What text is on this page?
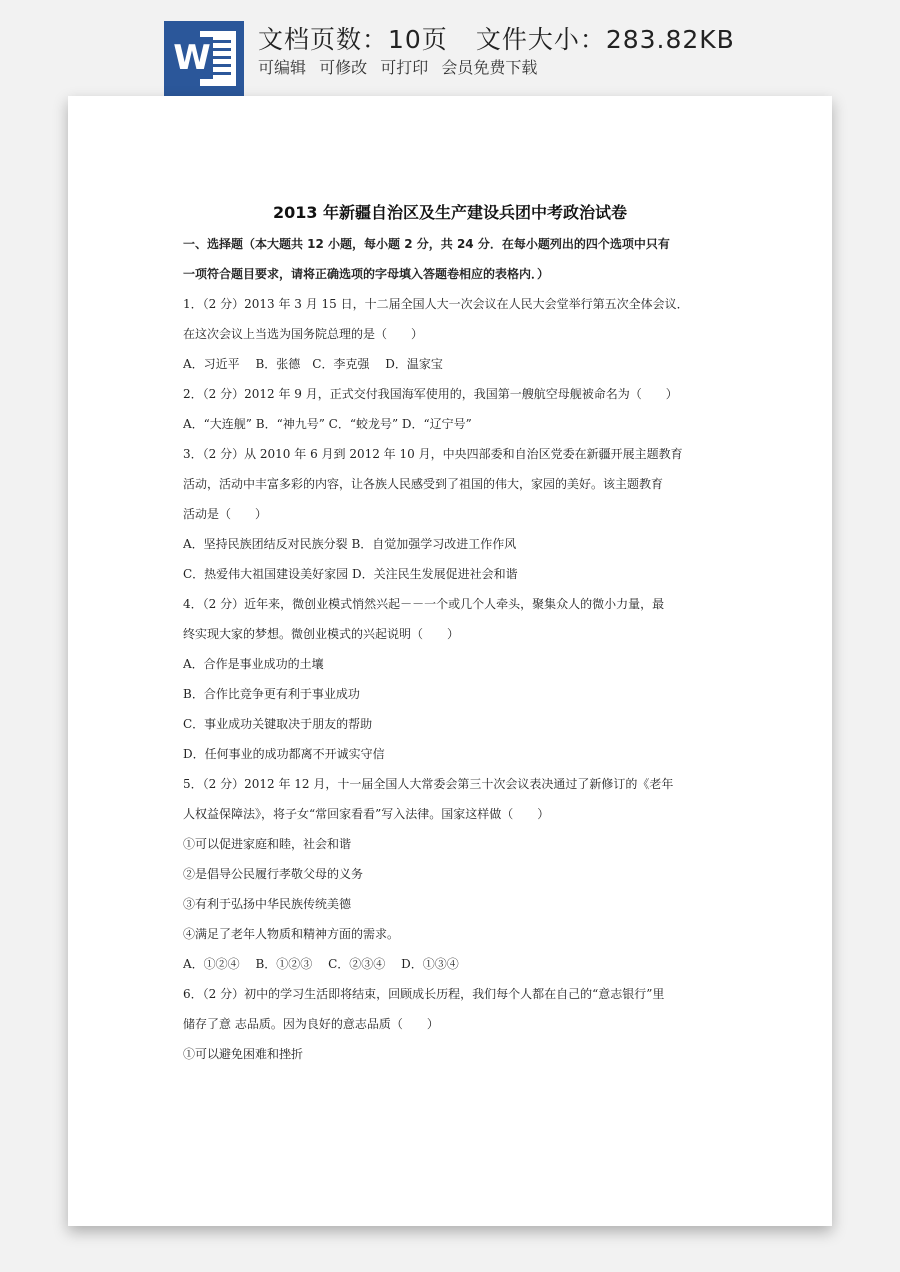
W 文档页数：10页 文件大小：283.82KB
可编辑 可修改 可打印 会员免费下载
2013 年新疆自治区及生产建设兵团中考政治试卷
一、选择题（本大题共 12 小题，每小题 2 分，共 24 分．在每小题列出的四个选项中只有
一项符合题目要求，请将正确选项的字母填入答题卷相应的表格内．）
1．（2 分）2013 年 3 月 15 日，十二届全国人大一次会议在人民大会堂举行第五次全体会议．
在这次会议上当选为国务院总理的是（　　）
A．习近平　 B．张德　C．李克强　 D．温家宝
2．（2 分）2012 年 9 月，正式交付我国海军使用的，我国第一艘航空母舰被命名为（　　）
A．“大连舰” B．“神九号” C．“蛟龙号” D．“辽宁号”
3．（2 分）从 2010 年 6 月到 2012 年 10 月，中央四部委和自治区党委在新疆开展主题教育
活动，活动中丰富多彩的内容，让各族人民感受到了祖国的伟大，家园的美好。该主题教育
活动是（　　）
A．坚持民族团结反对民族分裂 B．自觉加强学习改进工作作风
C．热爱伟大祖国建设美好家园 D．关注民生发展促进社会和谐
4．（2 分）近年来，微创业模式悄然兴起－－一个或几个人牵头，聚集众人的微小力量，最
终实现大家的梦想。微创业模式的兴起说明（　　）
A．合作是事业成功的土壤
B．合作比竞争更有利于事业成功
C．事业成功关键取决于朋友的帮助
D．任何事业的成功都离不开诚实守信
5．（2 分）2012 年 12 月，十一届全国人大常委会第三十次会议表决通过了新修订的《老年
人权益保障法》，将子女“常回家看看”写入法律。国家这样做（　　）
①可以促进家庭和睦，社会和谐
②是倡导公民履行孝敬父母的义务
③有利于弘扬中华民族传统美德
④满足了老年人物质和精神方面的需求。
A．①②④　 B．①②③　 C．②③④　 D．①③④
6．（2 分）初中的学习生活即将结束，回顾成长历程，我们每个人都在自己的“意志银行”里
储存了意 志品质。因为良好的意志品质（　　）
①可以避免困难和挫折
